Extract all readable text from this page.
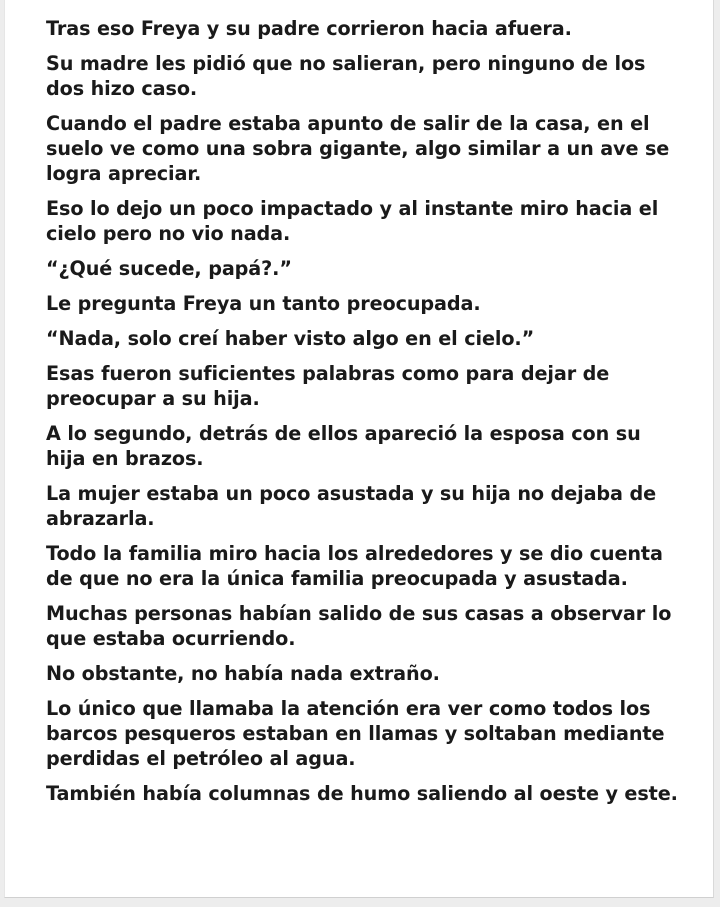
Tras eso Freya y su padre corrieron hacia afuera.

Su madre les pidió que no salieran, pero ninguno de los dos hizo caso.

Cuando el padre estaba apunto de salir de la casa, en el suelo ve como una sobra gigante, algo similar a un ave se logra apreciar.

Eso lo dejo un poco impactado y al instante miro hacia el cielo pero no vio nada.

“¿Qué sucede, papá?.”

Le pregunta Freya un tanto preocupada.

“Nada, solo creí haber visto algo en el cielo.”

Esas fueron suficientes palabras como para dejar de preocupar a su hija.

A lo segundo, detrás de ellos apareció la esposa con su hija en brazos.

La mujer estaba un poco asustada y su hija no dejaba de abrazarla.

Todo la familia miro hacia los alrededores y se dio cuenta de que no era la única familia preocupada y asustada.

Muchas personas habían salido de sus casas a observar lo que estaba ocurriendo.

No obstante, no había nada extraño.

Lo único que llamaba la atención era ver como todos los barcos pesqueros estaban en llamas y soltaban mediante perdidas el petróleo al agua.

También había columnas de humo saliendo al oeste y este.
